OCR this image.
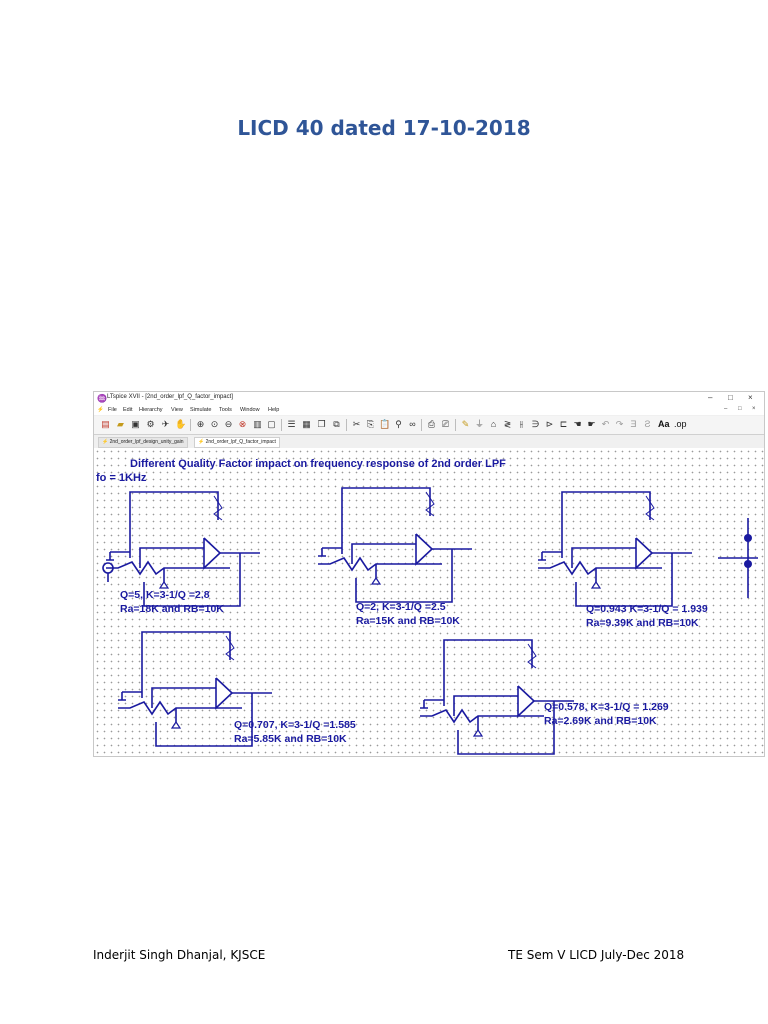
LICD 40 dated 17-10-2018
♒ LTspice XVII - [2nd_order_lpf_Q_factor_impact]	– □ ×
⚡ File Edit Hierarchy View Simulate Tools Window Help	– □ ×
▤ ▰ ▣ ⚙ ✈ ✋ ⊕ ⊙ ⊖ ⊗ ▥ ▢ ☰ ▦ ❐ ⧉ ✂ ⎘ 📋 ⚲ ∞ ⎙ ⎚ ✎ ⏚ ⌂ ≷ ⫲ ∋ ⊳ ⊏ ☚ ☛ ↶ ↷ Ǝ Ƨ Aa .op
⚡ 2nd_order_lpf_design_unity_gain	⚡ 2nd_order_lpf_Q_factor_impact
Different Quality Factor impact on frequency response of 2nd order LPF
fo = 1KHz
Q=5, K=3-1/Q =2.8
Ra=18K and RB=10K	Q=2, K=3-1/Q =2.5
Ra=15K and RB=10K
Q=0.943 K=3-1/Q = 1.939
Ra=9.39K and RB=10K
Q=0.707, K=3-1/Q =1.585
Ra=5.85K and RB=10K
Q=0.578, K=3-1/Q = 1.269
Ra=2.69K and RB=10K
Inderjit Singh Dhanjal, KJSCE	TE Sem V LICD July-Dec 2018
